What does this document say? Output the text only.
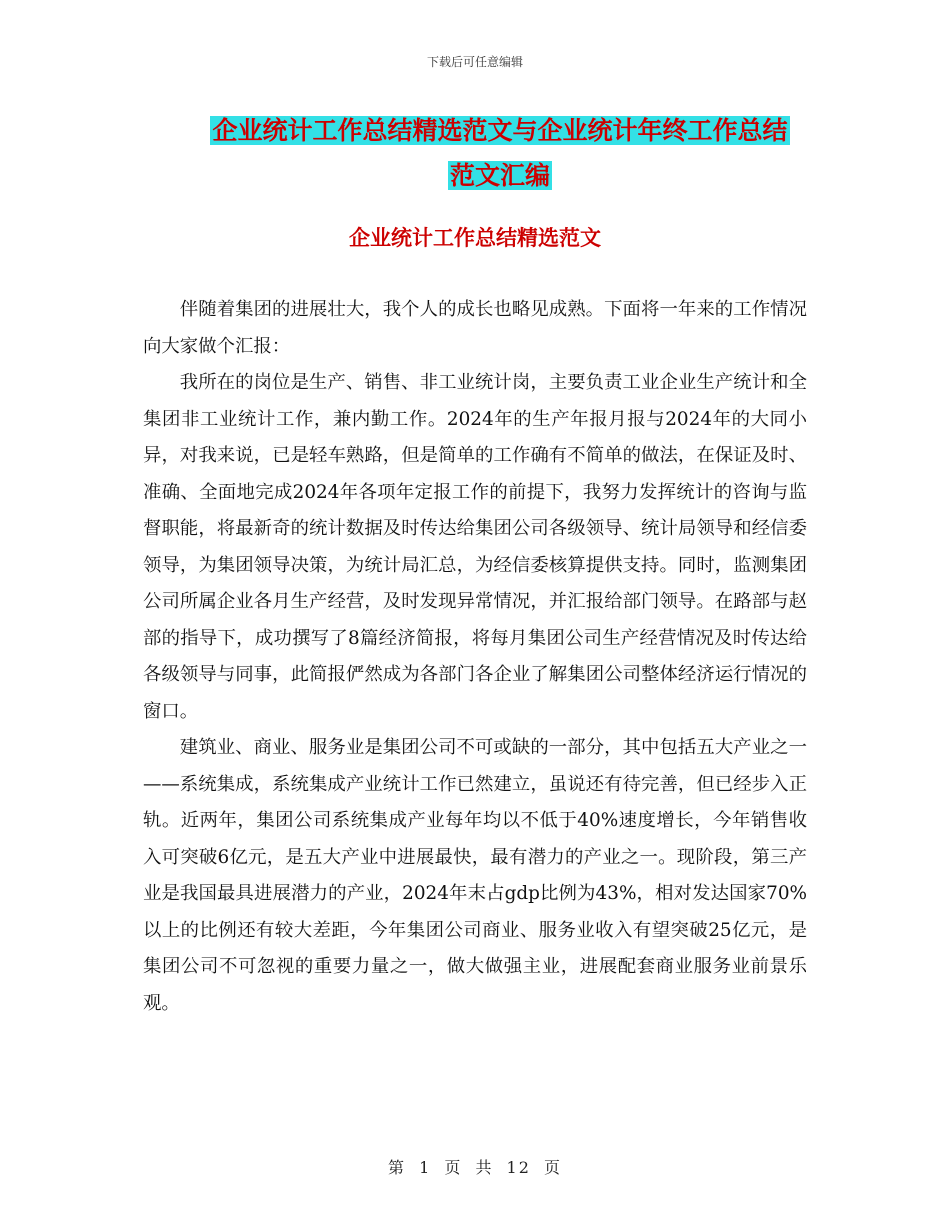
下载后可任意编辑
企业统计工作总结精选范文与企业统计年终工作总结
范文汇编
企业统计工作总结精选范文

伴随着集团的进展壮大，我个人的成长也略见成熟。下面将一年来的工作情况向大家做个汇报：

我所在的岗位是生产、销售、非工业统计岗，主要负责工业企业生产统计和全集团非工业统计工作，兼内勤工作。2024年的生产年报月报与2024年的大同小异，对我来说，已是轻车熟路，但是简单的工作确有不简单的做法，在保证及时、准确、全面地完成2024年各项年定报工作的前提下，我努力发挥统计的咨询与监督职能，将最新奇的统计数据及时传达给集团公司各级领导、统计局领导和经信委领导，为集团领导决策，为统计局汇总，为经信委核算提供支持。同时，监测集团公司所属企业各月生产经营，及时发现异常情况，并汇报给部门领导。在路部与赵部的指导下，成功撰写了8篇经济简报，将每月集团公司生产经营情况及时传达给各级领导与同事，此简报俨然成为各部门各企业了解集团公司整体经济运行情况的窗口。

建筑业、商业、服务业是集团公司不可或缺的一部分，其中包括五大产业之一——系统集成，系统集成产业统计工作已然建立，虽说还有待完善，但已经步入正轨。近两年，集团公司系统集成产业每年均以不低于40%速度增长，今年销售收入可突破6亿元，是五大产业中进展最快，最有潜力的产业之一。现阶段，第三产业是我国最具进展潜力的产业，2024年末占gdp比例为43%，相对发达国家70%以上的比例还有较大差距，今年集团公司商业、服务业收入有望突破25亿元，是集团公司不可忽视的重要力量之一，做大做强主业，进展配套商业服务业前景乐观。

第 1 页 共 12 页
